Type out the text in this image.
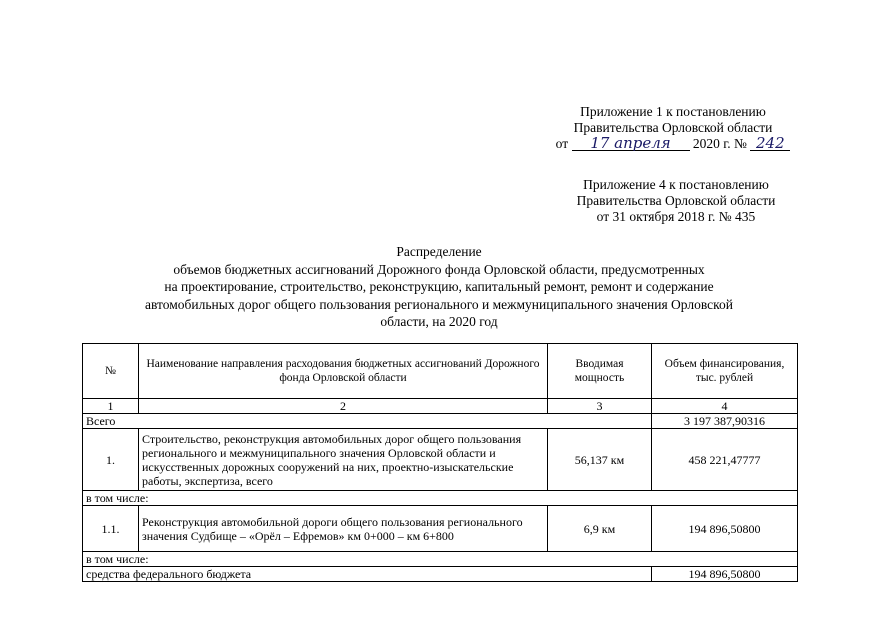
Приложение 1 к постановлению
Правительства Орловской области
от 17 апреля 2020 г. № 242
Приложение 4 к постановлению
Правительства Орловской области
от 31 октября 2018 г. № 435
Распределение
объемов бюджетных ассигнований Дорожного фонда Орловской области, предусмотренных
на проектирование, строительство, реконструкцию, капитальный ремонт, ремонт и содержание
автомобильных дорог общего пользования регионального и межмуниципального значения Орловской
области, на 2020 год
№	Наименование направления расходования бюджетных ассигнований Дорожного фонда Орловской области	Вводимая мощность	Объем финансирования, тыс. рублей
1	2	3	4
Всего			3 197 387,90316
1.	Строительство, реконструкция автомобильных дорог общего пользования регионального и межмуниципального значения Орловской области и искусственных дорожных сооружений на них, проектно-изыскательские работы, экспертиза, всего	56,137 км	458 221,47777
в том числе:			
1.1.	Реконструкция автомобильной дороги общего пользования регионального значения Судбище – «Орёл – Ефремов» км 0+000 – км 6+800	6,9 км	194 896,50800
в том числе:			
средства федерального бюджета			194 896,50800
